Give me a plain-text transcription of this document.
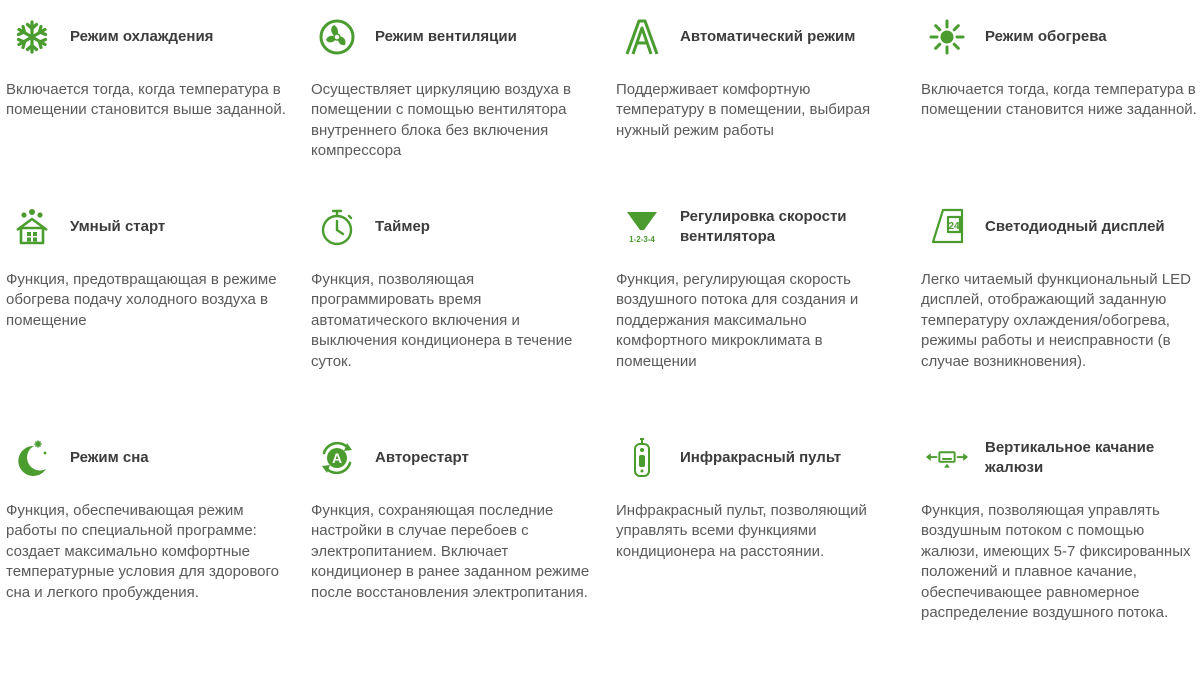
Режим охлаждения
Включается тогда, когда температура в помещении становится выше заданной.
Режим вентиляции
Осуществляет циркуляцию воздуха в помещении с помощью вентилятора внутреннего блока без включения компрессора
Автоматический режим
Поддерживает комфортную температуру в помещении, выбирая нужный режим работы
Режим обогрева
Включается тогда, когда температура в помещении становится ниже заданной.
Умный старт
Функция, предотвращающая в режиме обогрева подачу холодного воздуха в помещение
Таймер
Функция, позволяющая программировать время автоматического включения и выключения кондиционера в течение суток.
1-2-3-4
Регулировка скорости вентилятора
Функция, регулирующая скорость воздушного потока для создания и поддержания максимально комфортного микроклимата в помещении
24 Светодиодный дисплей
Легко читаемый функциональный LED дисплей, отображающий заданную температуру охлаждения/обогрева, режимы работы и неисправности (в случае возникновения).
Режим сна
Функция, обеспечивающая режим работы по специальной программе: создает максимально комфортные температурные условия для здорового сна и легкого пробуждения.
A Авторестарт
Функция, сохраняющая последние настройки в случае перебоев с электропитанием. Включает кондиционер в ранее заданном режиме после восстановления электропитания.
Инфракрасный пульт
Инфракрасный пульт, позволяющий управлять всеми функциями кондиционера на расстоянии.
Вертикальное качание жалюзи
Функция, позволяющая управлять воздушным потоком с помощью жалюзи, имеющих 5-7 фиксированных положений и плавное качание, обеспечивающее равномерное распределение воздушного потока.
